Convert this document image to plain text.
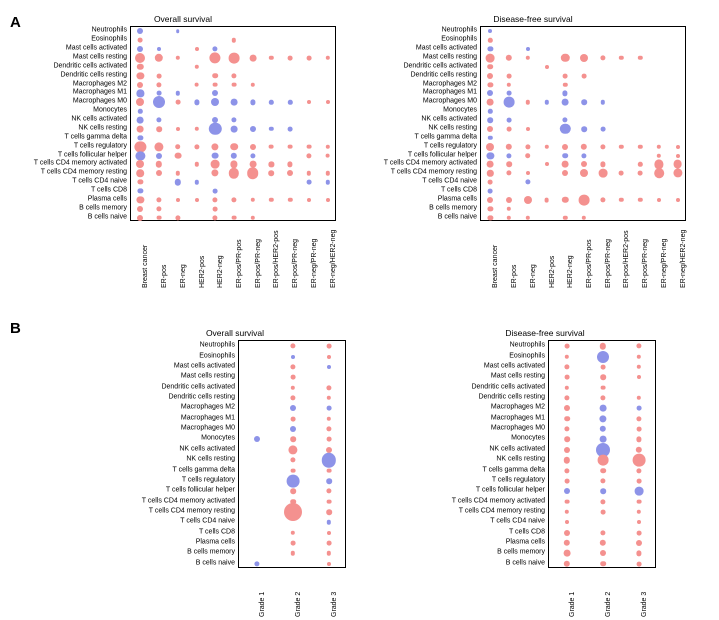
A
B
Overall survival
Neutrophils
Eosinophils
Mast cells activated
Mast cells resting
Dendritic cells activated
Dendritic cells resting
Macrophages M2
Macrophages M1
Macrophages M0
Monocytes
NK cells activated
NK cells resting
T cells gamma delta
T cells regulatory
T cells follicular helper
T cells CD4 memory activated
T cells CD4 memory resting
T cells CD4 naive
T cells CD8
Plasma cells
B cells memory
B cells naive
Breast cancer ER-pos ER-neg HER2-pos HER2-neg ER-pos/PR-pos ER-pos/PR-neg ER-pos/HER2-pos ER-pos/PR-neg ER-neg/PR-neg ER-neg/HER2-neg
Disease-free survival
Neutrophils
Eosinophils
Mast cells activated
Mast cells resting
Dendritic cells activated
Dendritic cells resting
Macrophages M2
Macrophages M1
Macrophages M0
Monocytes
NK cells activated
NK cells resting
T cells gamma delta
T cells regulatory
T cells follicular helper
T cells CD4 memory activated
T cells CD4 memory resting
T cells CD4 naive
T cells CD8
Plasma cells
B cells memory
B cells naive
Breast cancer ER-pos ER-neg HER2-pos HER2-neg ER-pos/PR-pos ER-pos/PR-neg ER-pos/HER2-pos ER-pos/PR-neg ER-neg/PR-neg ER-neg/HER2-neg
Overall survival
Neutrophils
Eosinophils
Mast cells activated
Mast cells resting
Dendritic cells activated
Dendritic cells resting
Macrophages M2
Macrophages M1
Macrophages M0
Monocytes
NK cells activated
NK cells resting
T cells gamma delta
T cells regulatory
T cells follicular helper
T cells CD4 memory activated
T cells CD4 memory resting
T cells CD4 naive
T cells CD8
Plasma cells
B cells memory
B cells naive
Grade 1	Grade 2	Grade 3
Disease-free survival
Neutrophils
Eosinophils
Mast cells activated
Mast cells resting
Dendritic cells activated
Dendritic cells resting
Macrophages M2
Macrophages M1
Macrophages M0
Monocytes
NK cells activated
NK cells resting
T cells gamma delta
T cells regulatory
T cells follicular helper
T cells CD4 memory activated
T cells CD4 memory resting
T cells CD4 naive
T cells CD8
Plasma cells
B cells memory
B cells naive
Grade 1	Grade 2	Grade 3
